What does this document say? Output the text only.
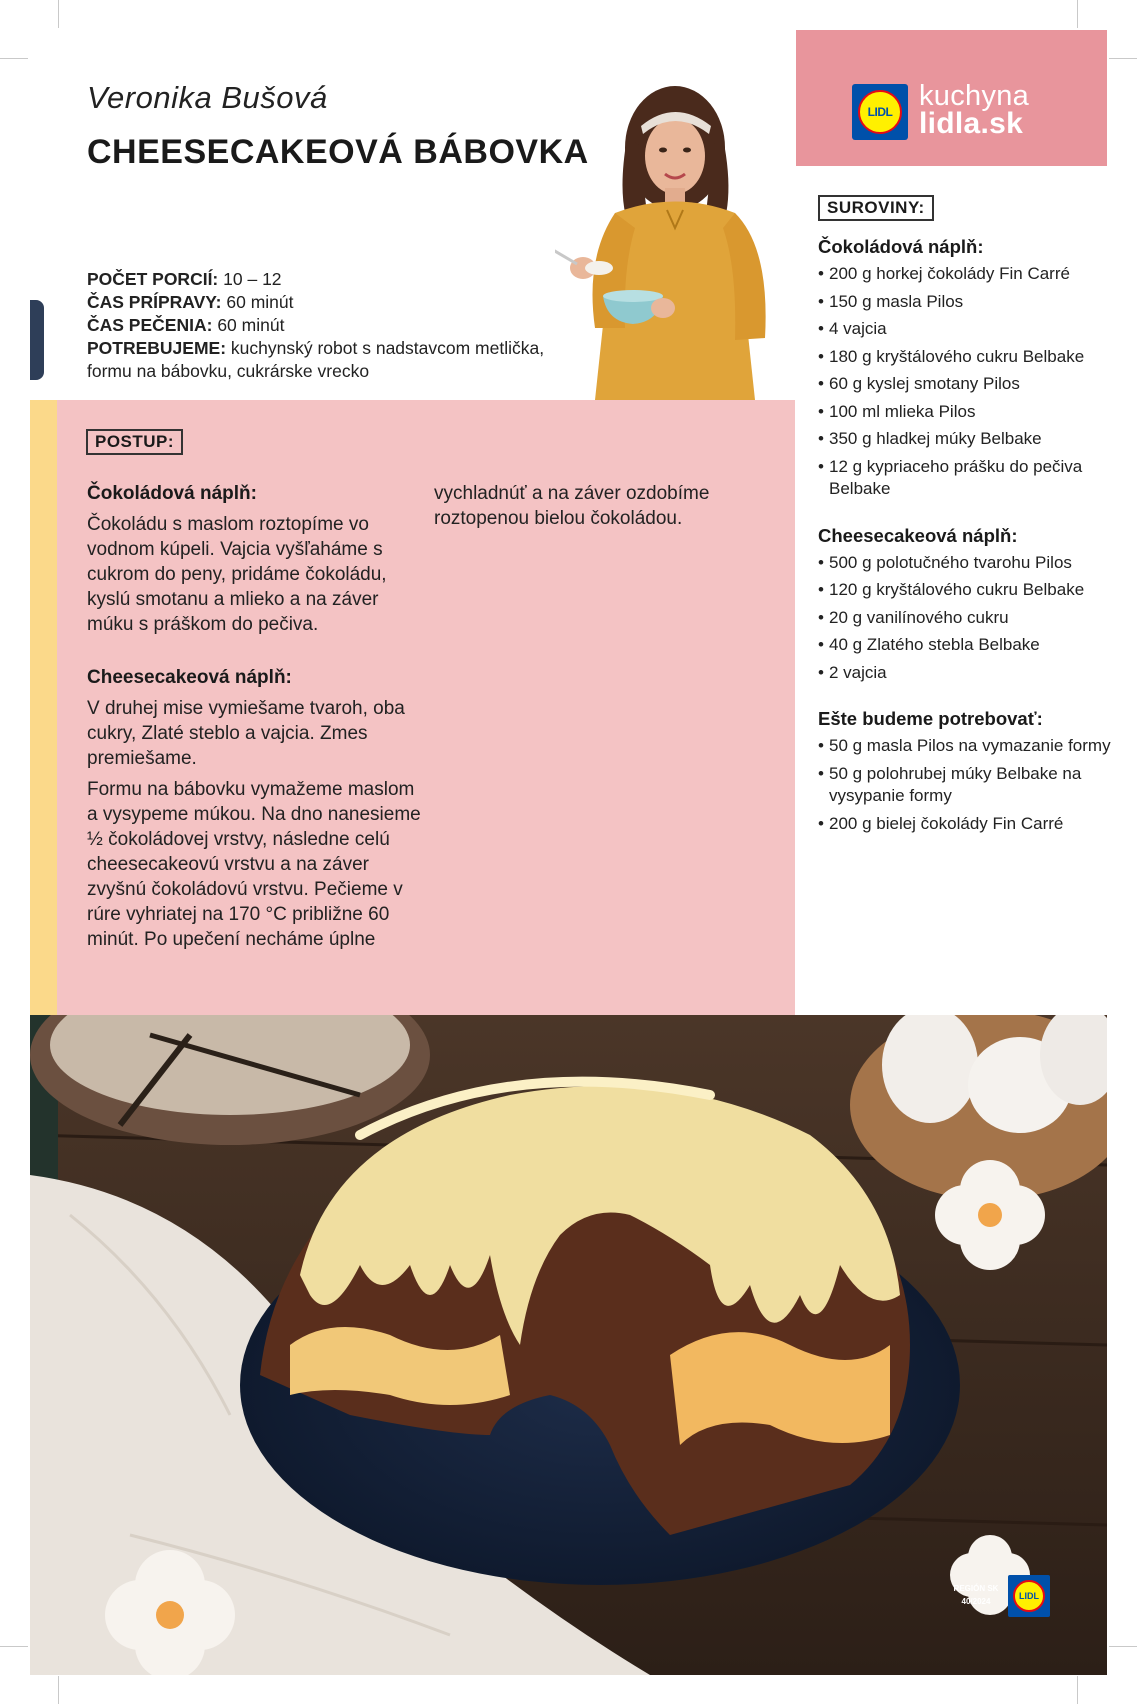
Veronika Bušová
CHEESECAKEOVÁ BÁBOVKA
POČET PORCIÍ: 10 – 12
ČAS PRÍPRAVY: 60 minút
ČAS PEČENIA: 60 minút
POTREBUJEME: kuchynský robot s nadstavcom metlička, formu na bábovku, cukrárske vrecko
LIDL kuchyna
lidla.sk
SUROVINY:
Čokoládová náplň:
• 200 g horkej čokolády Fin Carré
• 150 g masla Pilos
• 4 vajcia
• 180 g kryštálového cukru Belbake
• 60 g kyslej smotany Pilos
• 100 ml mlieka Pilos
• 350 g hladkej múky Belbake
• 12 g kypriaceho prášku do pečiva Belbake
Cheesecakeová náplň:
• 500 g polotučného tvarohu Pilos
• 120 g kryštálového cukru Belbake
• 20 g vanilínového cukru
• 40 g Zlatého stebla Belbake
• 2 vajcia
Ešte budeme potrebovať:
• 50 g masla Pilos na vymazanie formy
• 50 g polohrubej múky Belbake na vysypanie formy
• 200 g bielej čokolády Fin Carré
POSTUP:
Čokoládová náplň:
Čokoládu s maslom roztopíme vo vodnom kúpeli. Vajcia vyšľaháme s cukrom do peny, pridáme čokoládu, kyslú smotanu a mlieko a na záver múku s práškom do pečiva.
Cheesecakeová náplň:
V druhej mise vymiešame tvaroh, oba cukry, Zlaté steblo a vajcia. Zmes premiešame.
Formu na bábovku vymažeme maslom a vysypeme múkou. Na dno nanesieme ½ čokoládovej vrstvy, následne celú cheesecakeovú vrstvu a na záver zvyšnú čokoládovú vrstvu. Pečieme v rúre vyhriatej na 170 °C približne 60 minút. Po upečení necháme úplne
vychladnúť a na záver ozdobíme roztopenou bielou čokoládou.
REGIÓN SK
40/2024
LIDL
